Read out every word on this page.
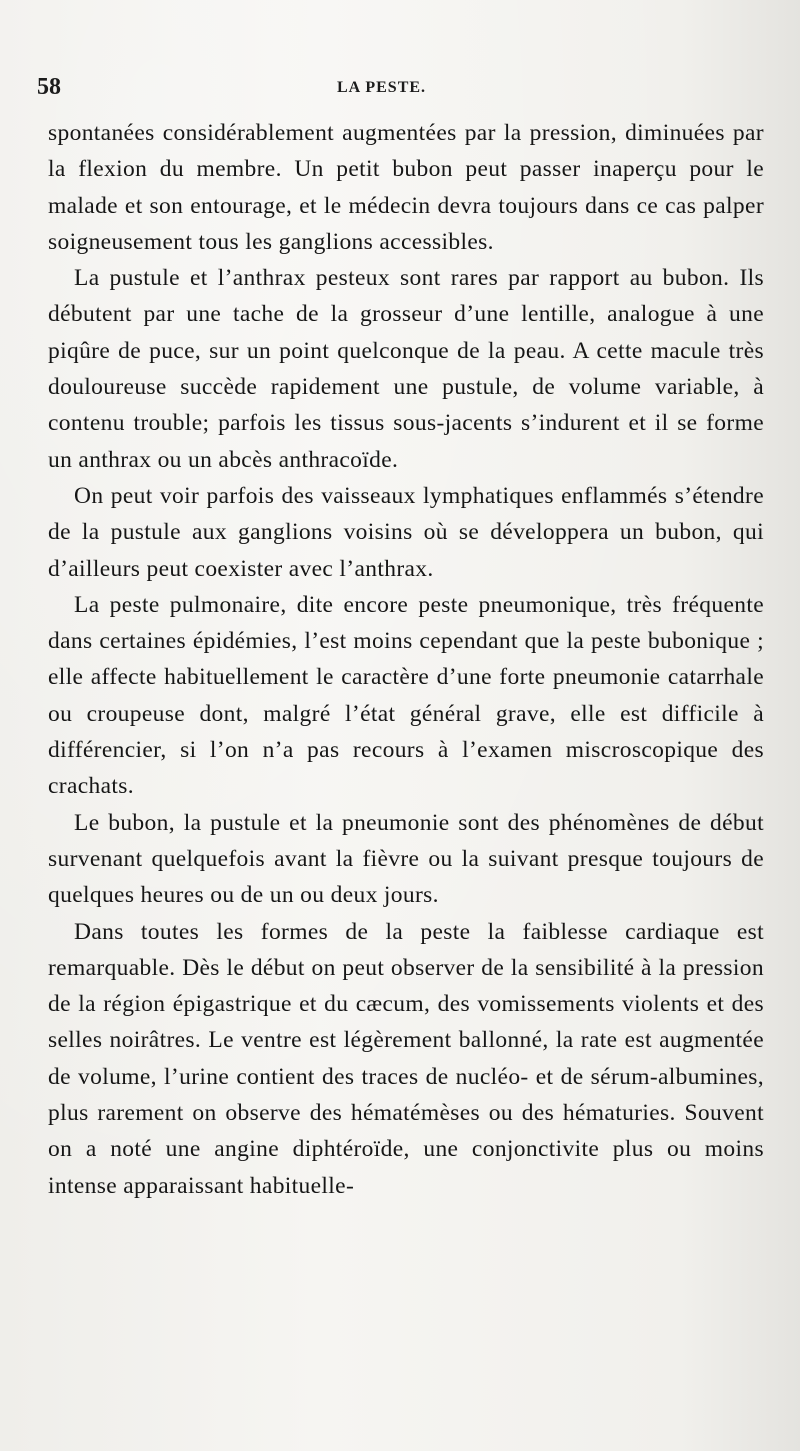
58	LA PESTE.

spontanées considérablement augmentées par la pression, diminuées par la flexion du membre. Un petit bubon peut passer inaperçu pour le malade et son entourage, et le médecin devra toujours dans ce cas palper soigneusement tous les ganglions accessibles.

La pustule et l’anthrax pesteux sont rares par rapport au bubon. Ils débutent par une tache de la grosseur d’une lentille, analogue à une piqûre de puce, sur un point quelconque de la peau. A cette macule très douloureuse succède rapidement une pustule, de volume variable, à contenu trouble; parfois les tissus sous-jacents s’indurent et il se forme un anthrax ou un abcès anthracoïde.

On peut voir parfois des vaisseaux lymphatiques enflammés s’étendre de la pustule aux ganglions voisins où se développera un bubon, qui d’ailleurs peut coexister avec l’anthrax.

La peste pulmonaire, dite encore peste pneumonique, très fréquente dans certaines épidémies, l’est moins cependant que la peste bubonique ; elle affecte habituellement le caractère d’une forte pneumonie catarrhale ou croupeuse dont, malgré l’état général grave, elle est difficile à différencier, si l’on n’a pas recours à l’examen miscroscopique des crachats.

Le bubon, la pustule et la pneumonie sont des phénomènes de début survenant quelquefois avant la fièvre ou la suivant presque toujours de quelques heures ou de un ou deux jours.

Dans toutes les formes de la peste la faiblesse cardiaque est remarquable. Dès le début on peut observer de la sensibilité à la pression de la région épigastrique et du cæcum, des vomissements violents et des selles noirâtres. Le ventre est légèrement ballonné, la rate est augmentée de volume, l’urine contient des traces de nucléo- et de sérum-albumines, plus rarement on observe des hématémèses ou des hématuries. Souvent on a noté une angine diphtéroïde, une conjonctivite plus ou moins intense apparaissant habituelle-
